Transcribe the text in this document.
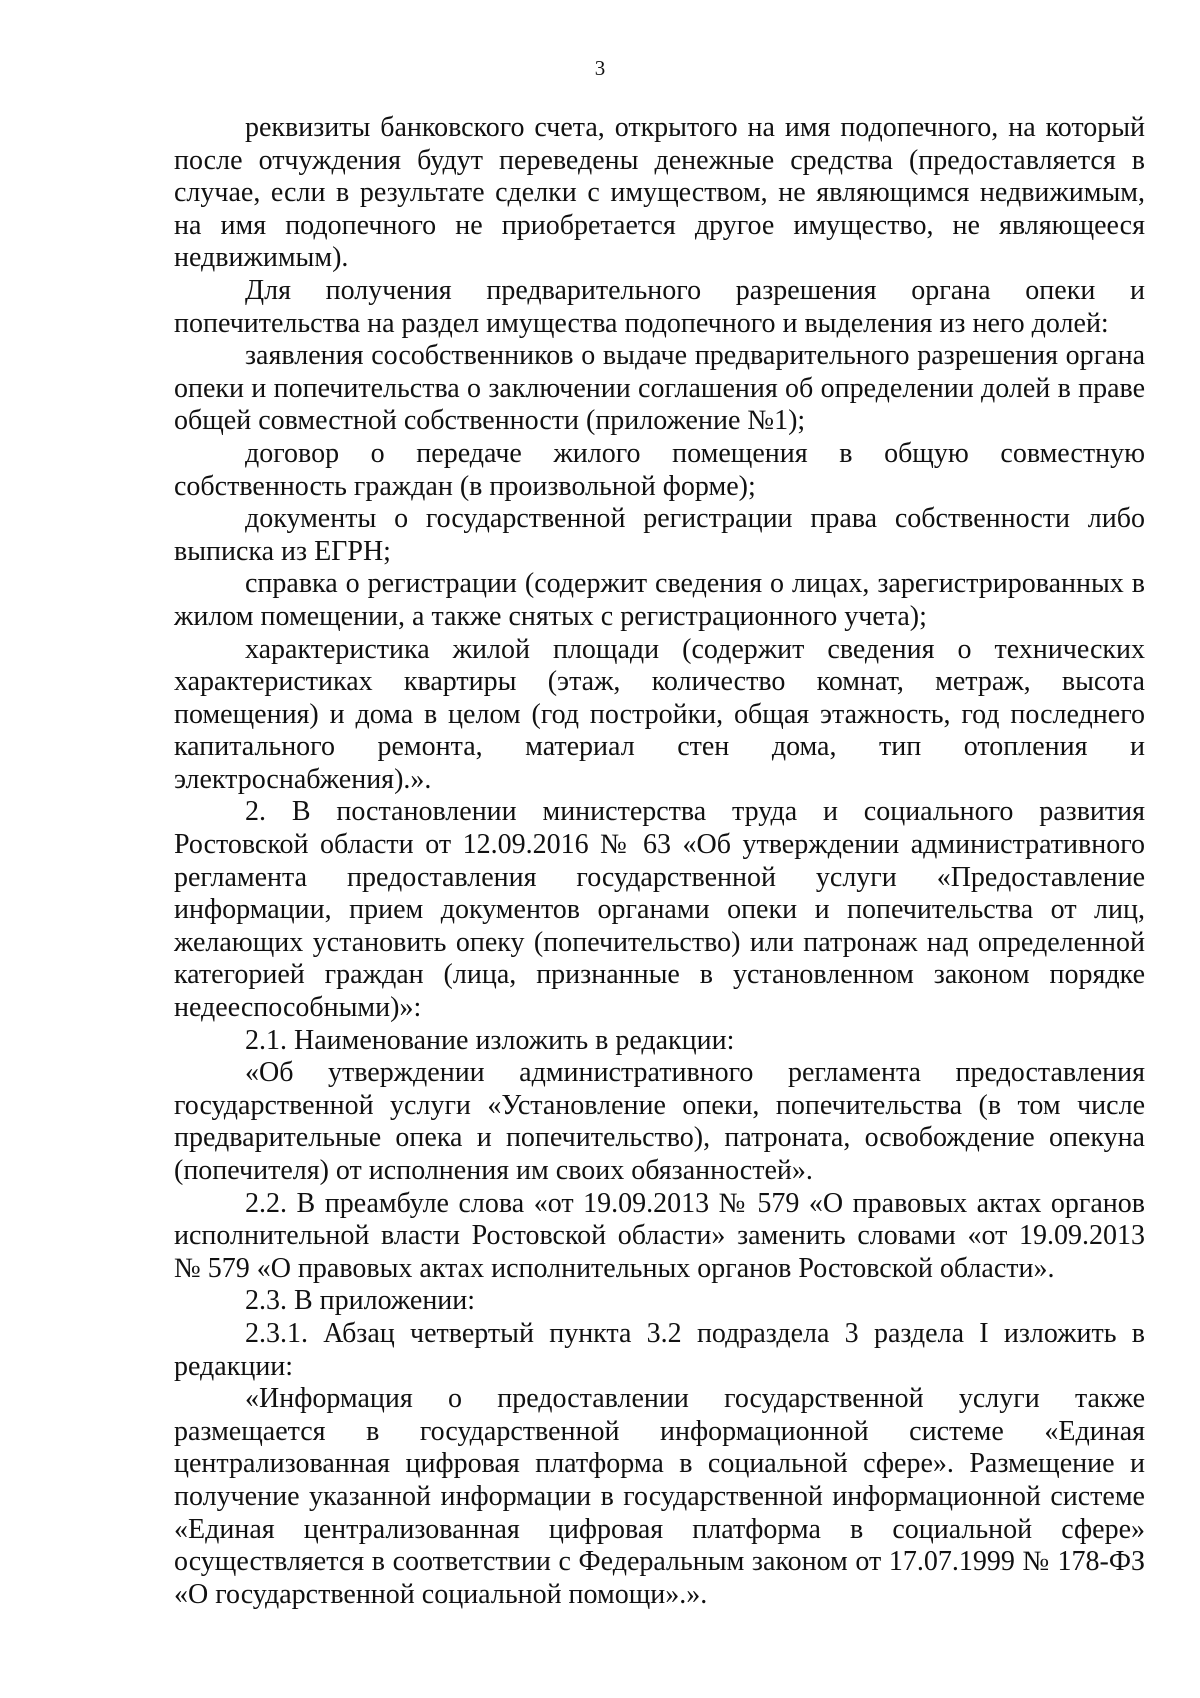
3

реквизиты банковского счета, открытого на имя подопечного, на который после отчуждения будут переведены денежные средства (предоставляется в случае, если в результате сделки с имуществом, не являющимся недвижимым, на имя подопечного не приобретается другое имущество, не являющееся недвижимым).

Для получения предварительного разрешения органа опеки и попечительства на раздел имущества подопечного и выделения из него долей:

заявления сособственников о выдаче предварительного разрешения органа опеки и попечительства о заключении соглашения об определении долей в праве общей совместной собственности (приложение №1);

договор о передаче жилого помещения в общую совместную собственность граждан (в произвольной форме);

документы о государственной регистрации права собственности либо выписка из ЕГРН;

справка о регистрации (содержит сведения о лицах, зарегистрированных в жилом помещении, а также снятых с регистрационного учета);

характеристика жилой площади (содержит сведения о технических характеристиках квартиры (этаж, количество комнат, метраж, высота помещения) и дома в целом (год постройки, общая этажность, год последнего капитального ремонта, материал стен дома, тип отопления и электроснабжения).».

2. В постановлении министерства труда и социального развития Ростовской области от 12.09.2016 № 63 «Об утверждении административного регламента предоставления государственной услуги «Предоставление информации, прием документов органами опеки и попечительства от лиц, желающих установить опеку (попечительство) или патронаж над определенной категорией граждан (лица, признанные в установленном законом порядке недееспособными)»:

2.1. Наименование изложить в редакции:

«Об утверждении административного регламента предоставления государственной услуги «Установление опеки, попечительства (в том числе предварительные опека и попечительство), патроната, освобождение опекуна (попечителя) от исполнения им своих обязанностей».

2.2. В преамбуле слова «от 19.09.2013 № 579 «О правовых актах органов исполнительной власти Ростовской области» заменить словами «от 19.09.2013 № 579 «О правовых актах исполнительных органов Ростовской области».

2.3. В приложении:

2.3.1. Абзац четвертый пункта 3.2 подраздела 3 раздела I изложить в редакции:

«Информация о предоставлении государственной услуги также размещается в государственной информационной системе «Единая централизованная цифровая платформа в социальной сфере». Размещение и получение указанной информации в государственной информационной системе «Единая централизованная цифровая платформа в социальной сфере» осуществляется в соответствии с Федеральным законом от 17.07.1999 № 178-ФЗ «О государственной социальной помощи».».
